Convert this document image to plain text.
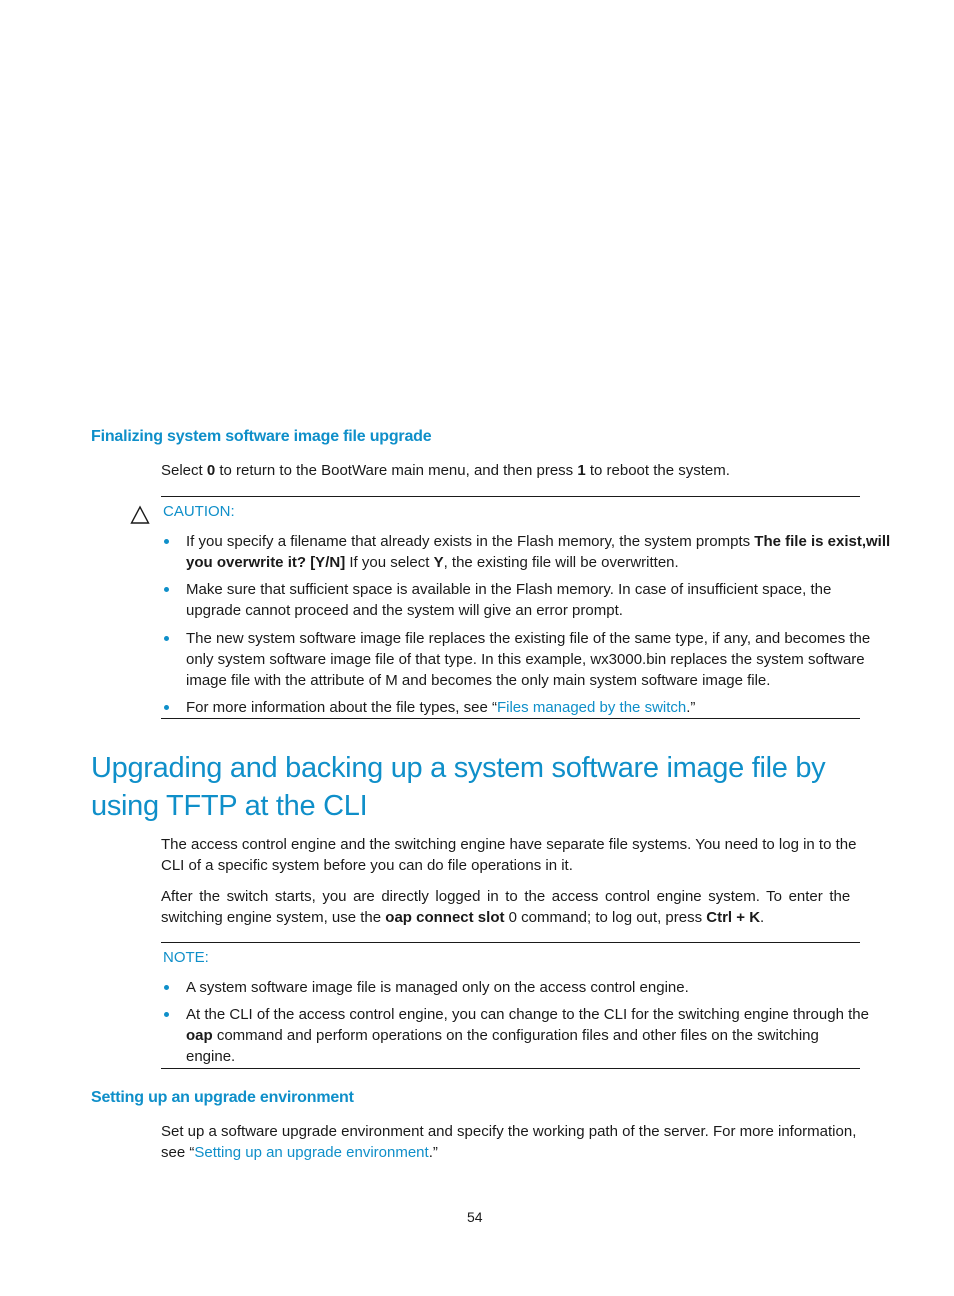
Finalizing system software image file upgrade
Select 0 to return to the BootWare main menu, and then press 1 to reboot the system.
CAUTION:
If you specify a filename that already exists in the Flash memory, the system prompts The file is exist,will
you overwrite it? [Y/N] If you select Y, the existing file will be overwritten.
Make sure that sufficient space is available in the Flash memory. In case of insufficient space, the
upgrade cannot proceed and the system will give an error prompt.
The new system software image file replaces the existing file of the same type, if any, and becomes the
only system software image file of that type. In this example, wx3000.bin replaces the system software
image file with the attribute of M and becomes the only main system software image file.
For more information about the file types, see “Files managed by the switch.”
Upgrading and backing up a system software image file by
using TFTP at the CLI
The access control engine and the switching engine have separate file systems. You need to log in to the
CLI of a specific system before you can do file operations in it.
After the switch starts, you are directly logged in to the access control engine system. To enter the
switching engine system, use the oap connect slot 0 command; to log out, press Ctrl + K.
NOTE:
A system software image file is managed only on the access control engine.
At the CLI of the access control engine, you can change to the CLI for the switching engine through the
oap command and perform operations on the configuration files and other files on the switching
engine.
Setting up an upgrade environment
Set up a software upgrade environment and specify the working path of the server. For more information,
see “Setting up an upgrade environment.”
54
